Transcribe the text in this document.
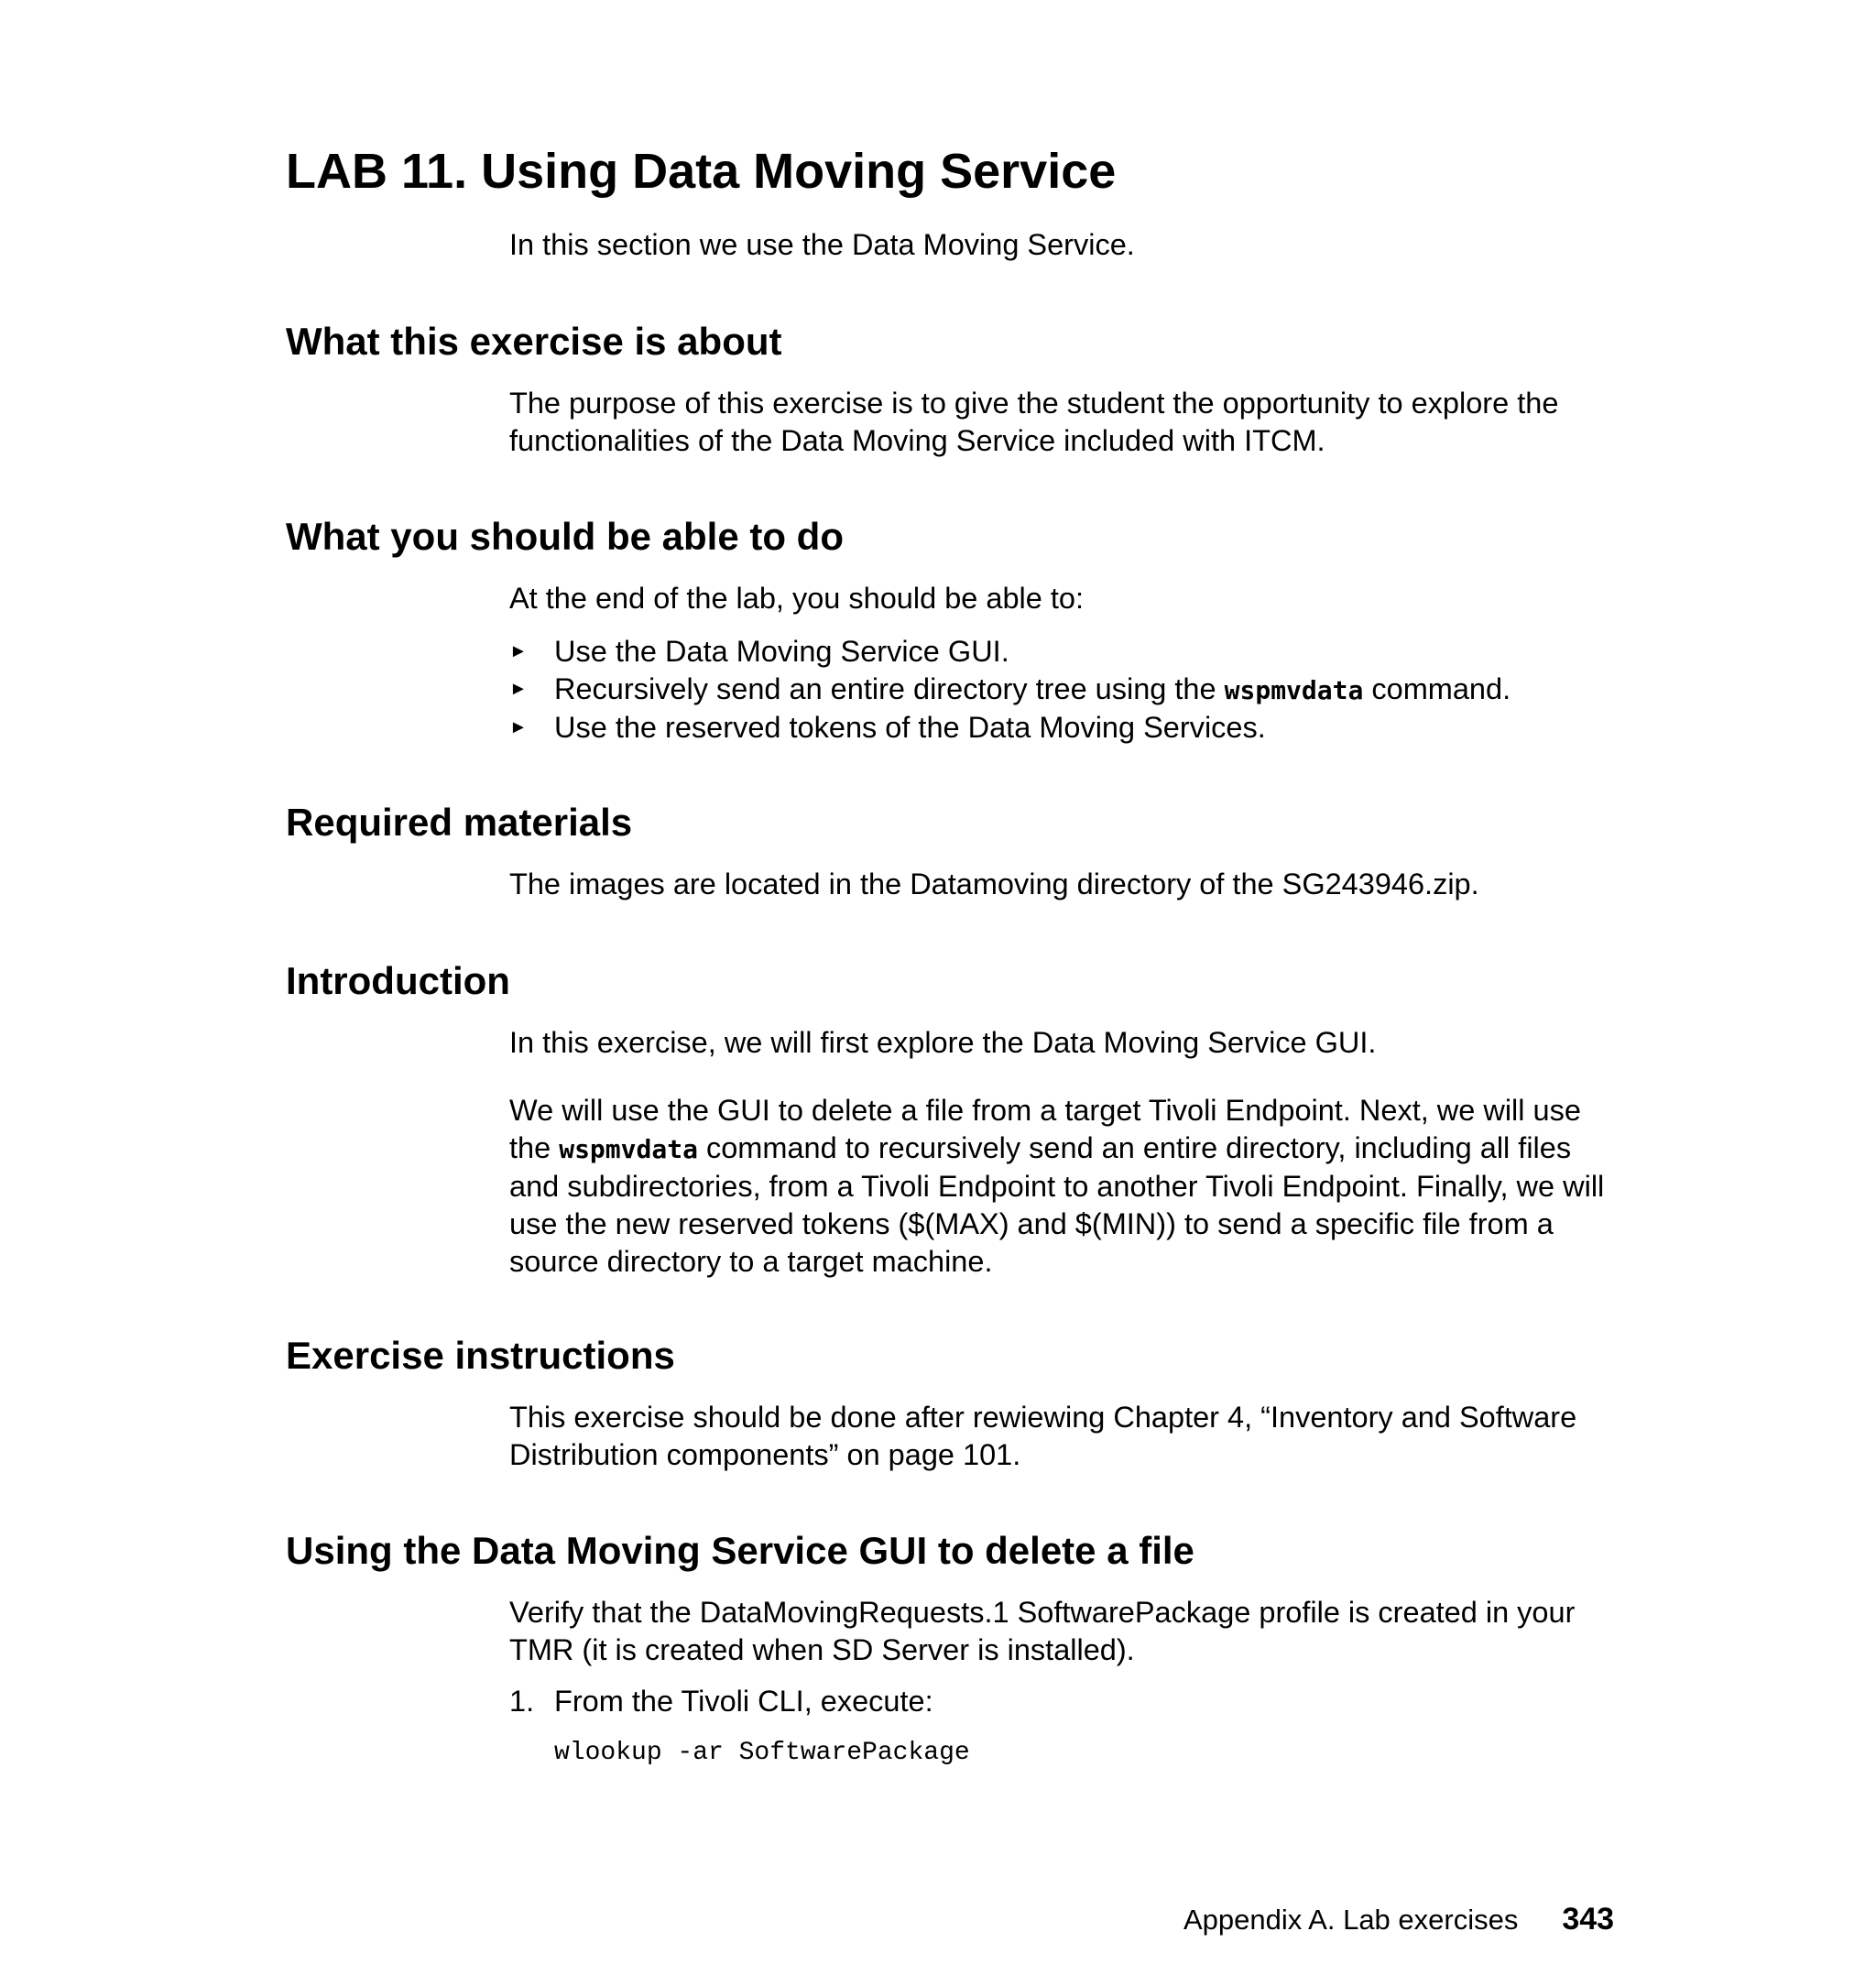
LAB 11. Using Data Moving Service

In this section we use the Data Moving Service.

What this exercise is about

The purpose of this exercise is to give the student the opportunity to explore the functionalities of the Data Moving Service included with ITCM.

What you should be able to do

At the end of the lab, you should be able to:

► Use the Data Moving Service GUI.
► Recursively send an entire directory tree using the wspmvdata command.
► Use the reserved tokens of the Data Moving Services.
Required materials

The images are located in the Datamoving directory of the SG243946.zip.

Introduction

In this exercise, we will first explore the Data Moving Service GUI.

We will use the GUI to delete a file from a target Tivoli Endpoint. Next, we will use the wspmvdata command to recursively send an entire directory, including all files and subdirectories, from a Tivoli Endpoint to another Tivoli Endpoint. Finally, we will use the new reserved tokens ($(MAX) and $(MIN)) to send a specific file from a source directory to a target machine.

Exercise instructions

This exercise should be done after rewiewing Chapter 4, “Inventory and Software Distribution components” on page 101.

Using the Data Moving Service GUI to delete a file

Verify that the DataMovingRequests.1 SoftwarePackage profile is created in your TMR (it is created when SD Server is installed).

1. From the Tivoli CLI, execute:

wlookup -ar SoftwarePackage
Appendix A. Lab exercises 343
